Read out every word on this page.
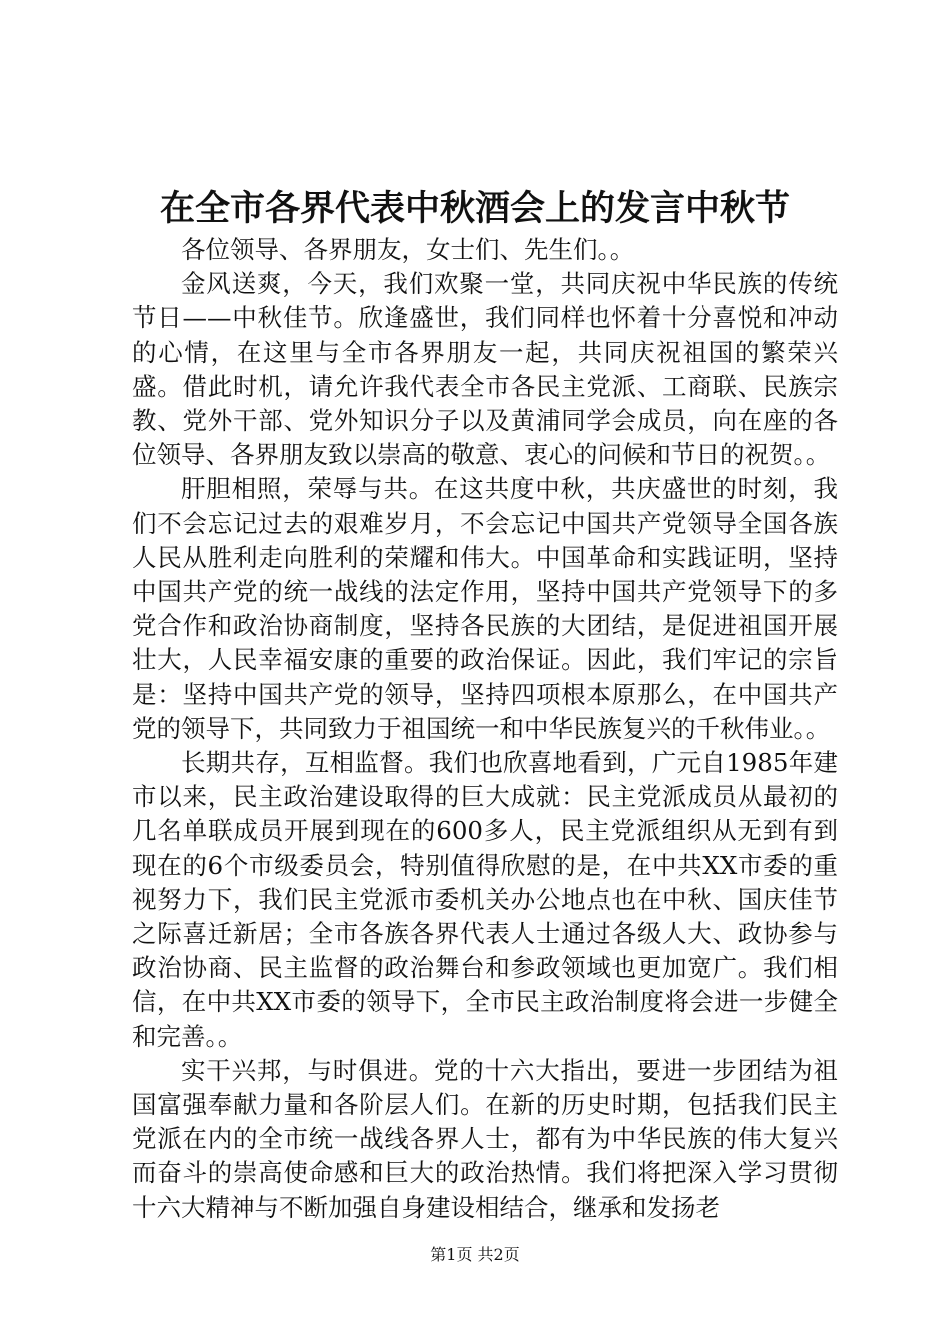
在全市各界代表中秋酒会上的发言中秋节

各位领导、各界朋友，女士们、先生们。。

金风送爽，今天，我们欢聚一堂，共同庆祝中华民族的传统节日——中秋佳节。欣逢盛世，我们同样也怀着十分喜悦和冲动的心情，在这里与全市各界朋友一起，共同庆祝祖国的繁荣兴盛。借此时机，请允许我代表全市各民主党派、工商联、民族宗教、党外干部、党外知识分子以及黄浦同学会成员，向在座的各位领导、各界朋友致以崇高的敬意、衷心的问候和节日的祝贺。。

肝胆相照，荣辱与共。在这共度中秋，共庆盛世的时刻，我们不会忘记过去的艰难岁月，不会忘记中国共产党领导全国各族人民从胜利走向胜利的荣耀和伟大。中国革命和实践证明，坚持中国共产党的统一战线的法定作用，坚持中国共产党领导下的多党合作和政治协商制度，坚持各民族的大团结，是促进祖国开展壮大，人民幸福安康的重要的政治保证。因此，我们牢记的宗旨是：坚持中国共产党的领导，坚持四项根本原那么，在中国共产党的领导下，共同致力于祖国统一和中华民族复兴的千秋伟业。。

长期共存，互相监督。我们也欣喜地看到，广元自1985年建市以来，民主政治建设取得的巨大成就：民主党派成员从最初的几名单联成员开展到现在的600多人，民主党派组织从无到有到现在的6个市级委员会，特别值得欣慰的是，在中共XX市委的重视努力下，我们民主党派市委机关办公地点也在中秋、国庆佳节之际喜迁新居；全市各族各界代表人士通过各级人大、政协参与政治协商、民主监督的政治舞台和参政领域也更加宽广。我们相信，在中共XX市委的领导下，全市民主政治制度将会进一步健全和完善。。

实干兴邦，与时俱进。党的十六大指出，要进一步团结为祖国富强奉献力量和各阶层人们。在新的历史时期，包括我们民主党派在内的全市统一战线各界人士，都有为中华民族的伟大复兴而奋斗的崇高使命感和巨大的政治热情。我们将把深入学习贯彻十六大精神与不断加强自身建设相结合，继承和发扬老

第1页 共2页
